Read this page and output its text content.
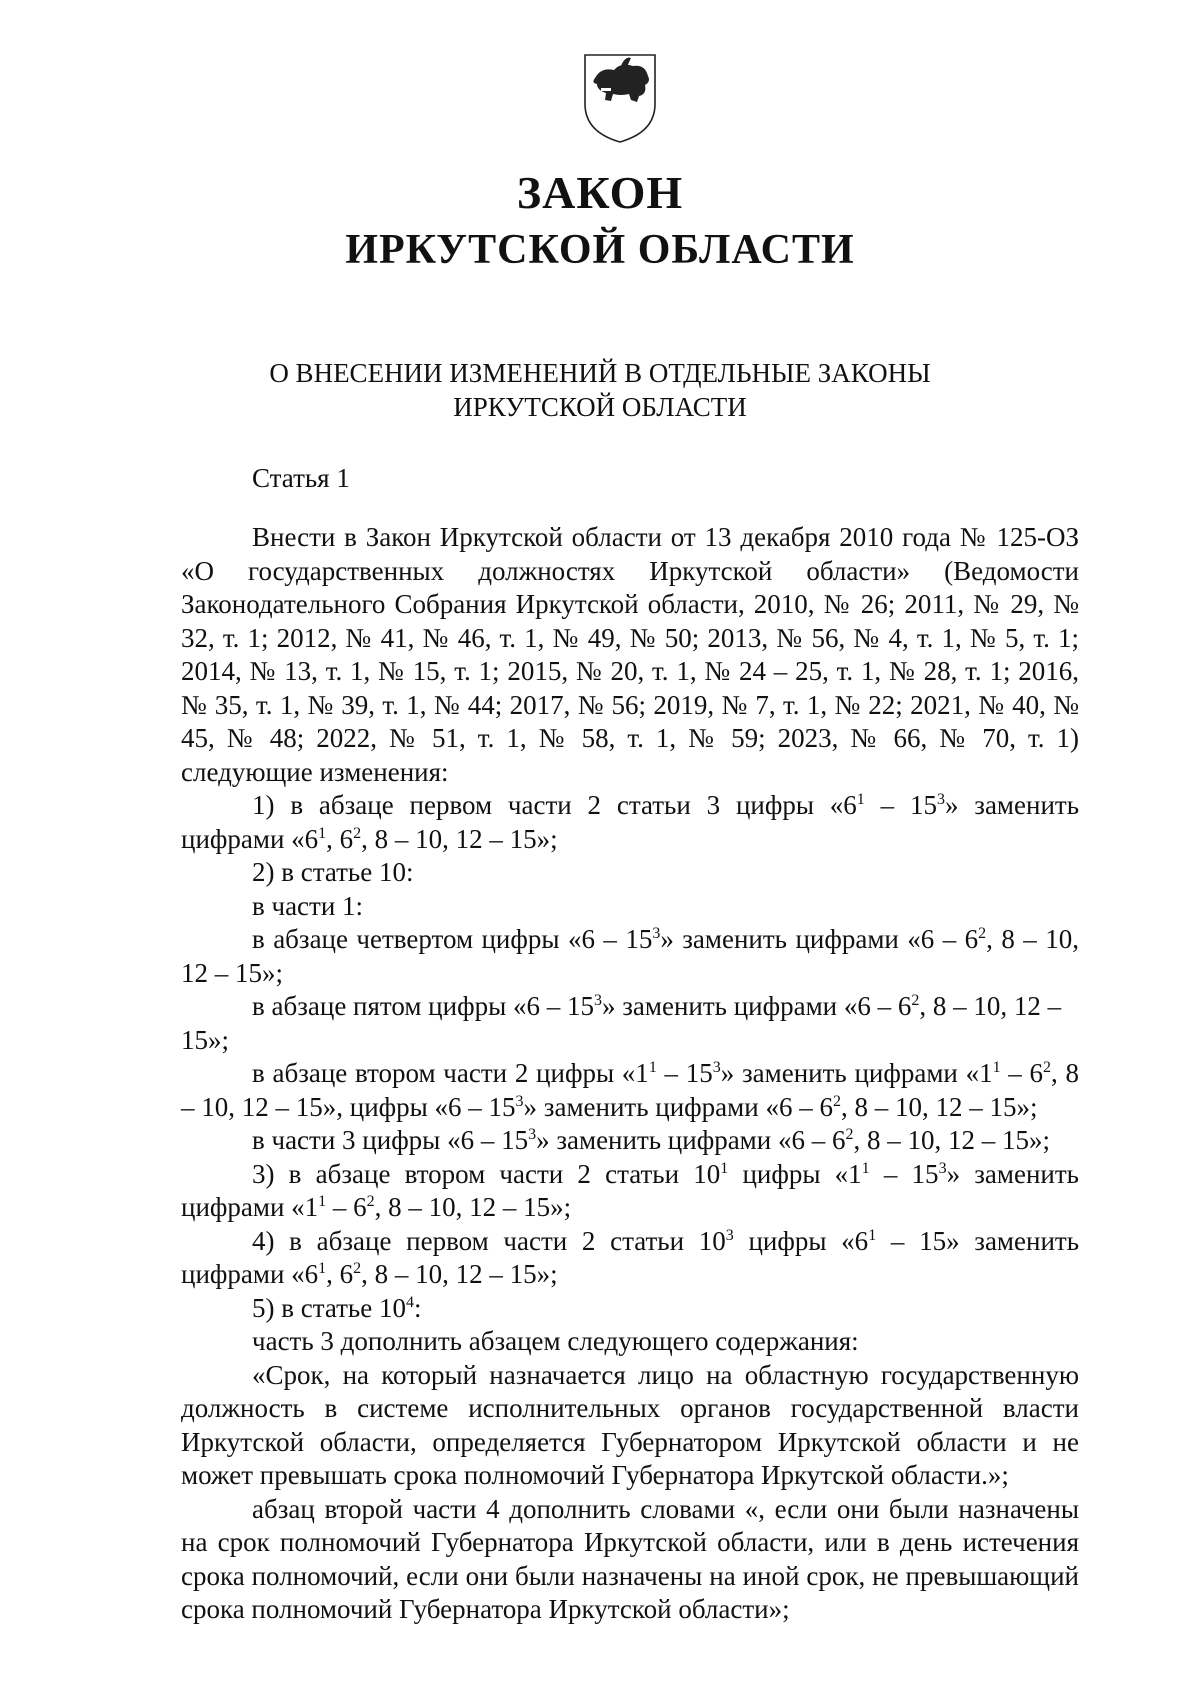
ЗАКОН
ИРКУТСКОЙ ОБЛАСТИ
О ВНЕСЕНИИ ИЗМЕНЕНИЙ В ОТДЕЛЬНЫЕ ЗАКОНЫ
ИРКУТСКОЙ ОБЛАСТИ
Статья 1

Внести в Закон Иркутской области от 13 декабря 2010 года № 125-ОЗ «О государственных должностях Иркутской области» (Ведомости Законодательного Собрания Иркутской области, 2010, № 26; 2011, № 29, № 32, т. 1; 2012, № 41, № 46, т. 1, № 49, № 50; 2013, № 56, № 4, т. 1, № 5, т. 1; 2014, № 13, т. 1, № 15, т. 1; 2015, № 20, т. 1, № 24 – 25, т. 1, № 28, т. 1; 2016, № 35, т. 1, № 39, т. 1, № 44; 2017, № 56; 2019, № 7, т. 1, № 22; 2021, № 40, № 45, № 48; 2022, № 51, т. 1, № 58, т. 1, № 59; 2023, № 66, № 70, т. 1) следующие изменения:

1) в абзаце первом части 2 статьи 3 цифры «$6^1 - 15^3$» заменить цифрами «$6^1$, $6^2$, 8 – 10, 12 – 15»;

2) в статье 10:

в части 1:

в абзаце четвертом цифры «$6 - 15^3$» заменить цифрами «$6 - 6^2$, 8 – 10, 12 – 15»;

в абзаце пятом цифры «$6 - 15^3$» заменить цифрами «$6 - 6^2$, 8 – 10, 12 – 15»;

в абзаце втором части 2 цифры «$1^1 - 15^3$» заменить цифрами «$1^1 - 6^2$, 8 – 10, 12 – 15», цифры «$6 - 15^3$» заменить цифрами «$6 - 6^2$, 8 – 10, 12 – 15»;

в части 3 цифры «$6 - 15^3$» заменить цифрами «$6 - 6^2$, 8 – 10, 12 – 15»;

3) в абзаце втором части 2 статьи $10^1$ цифры «$1^1 - 15^3$» заменить цифрами «$1^1 - 6^2$, 8 – 10, 12 – 15»;

4) в абзаце первом части 2 статьи $10^3$ цифры «$6^1 - 15$» заменить цифрами «$6^1$, $6^2$, 8 – 10, 12 – 15»;

5) в статье $10^4$:

часть 3 дополнить абзацем следующего содержания:

«Срок, на который назначается лицо на областную государственную должность в системе исполнительных органов государственной власти Иркутской области, определяется Губернатором Иркутской области и не может превышать срока полномочий Губернатора Иркутской области.»;

абзац второй части 4 дополнить словами «, если они были назначены на срок полномочий Губернатора Иркутской области, или в день истечения срока полномочий, если они были назначены на иной срок, не превышающий срока полномочий Губернатора Иркутской области»;
